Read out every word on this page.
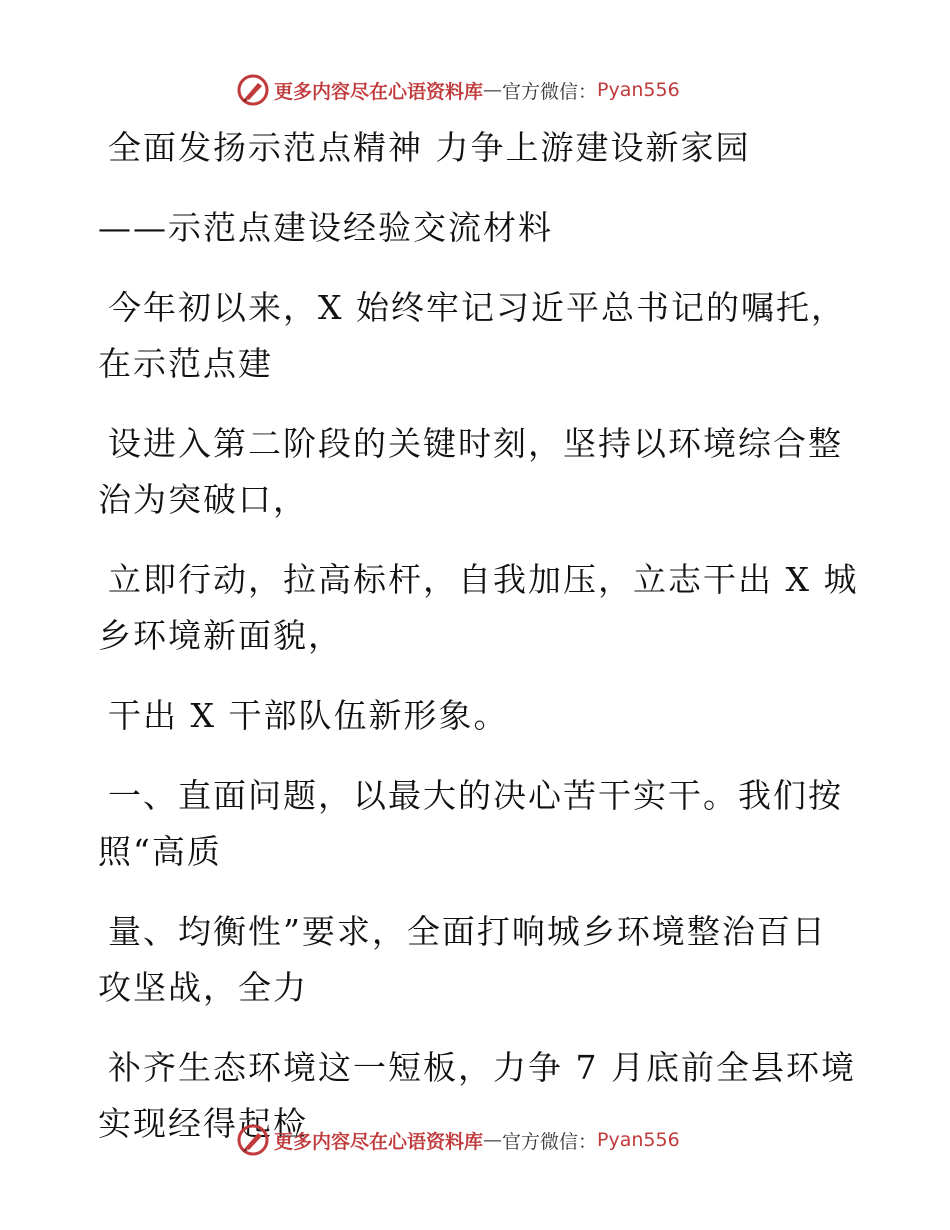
更多内容尽在心语资料库 — 官方微信： Pyan556
全面发扬示范点精神 力争上游建设新家园
——示范点建设经验交流材料
今年初以来，X 始终牢记习近平总书记的嘱托，
在示范点建
设进入第二阶段的关键时刻，坚持以环境综合整
治为突破口，
立即行动，拉高标杆，自我加压，立志干出 X 城
乡环境新面貌，
干出 X 干部队伍新形象。
一、直面问题，以最大的决心苦干实干。我们按
照“高质
量、均衡性”要求，全面打响城乡环境整治百日
攻坚战，全力
补齐生态环境这一短板，力争 7 月底前全县环境
实现经得起检
更多内容尽在心语资料库 — 官方微信： Pyan556
